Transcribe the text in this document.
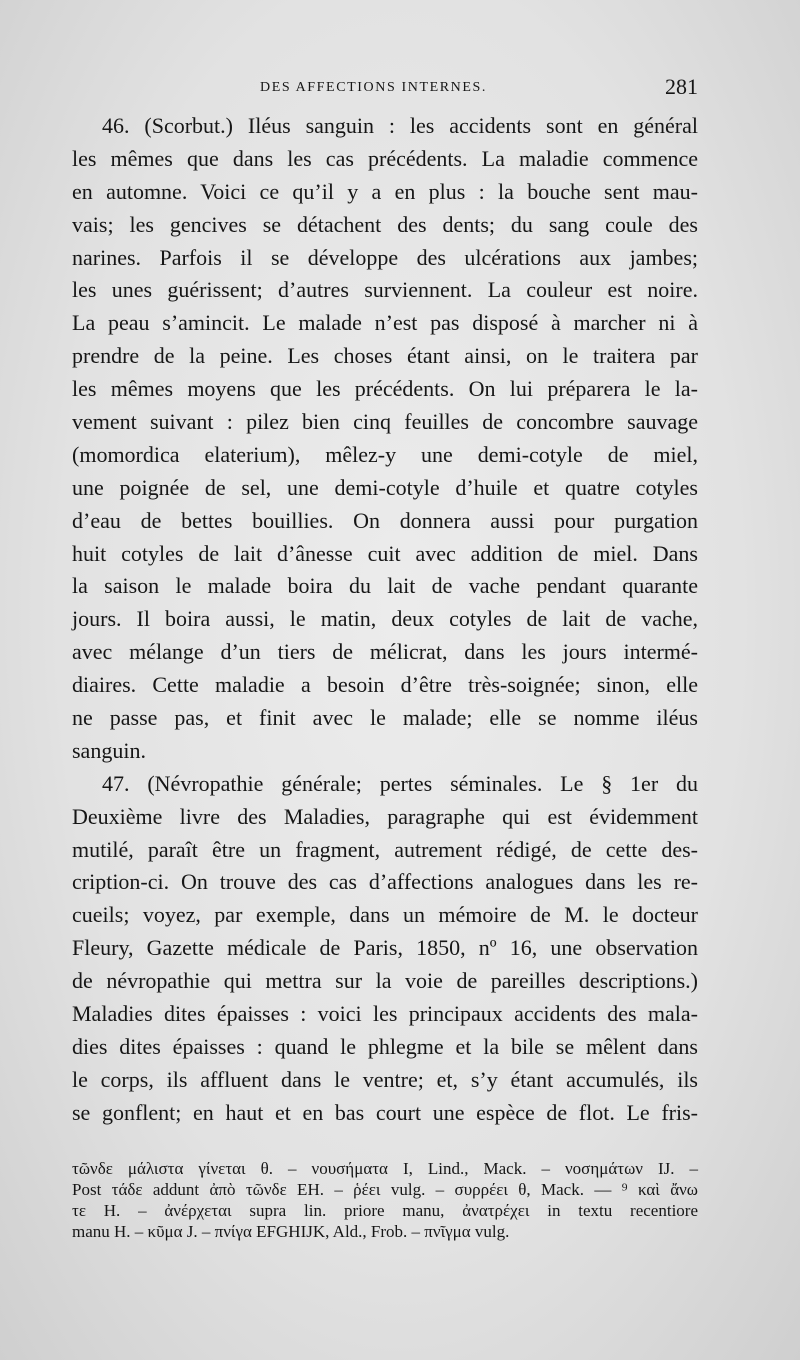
DES AFFECTIONS INTERNES.	281
46. (Scorbut.) Iléus sanguin : les accidents sont en général
les mêmes que dans les cas précédents. La maladie commence
en automne. Voici ce qu’il y a en plus : la bouche sent mau-
vais; les gencives se détachent des dents; du sang coule des
narines. Parfois il se développe des ulcérations aux jambes;
les unes guérissent; d’autres surviennent. La couleur est noire.
La peau s’amincit. Le malade n’est pas disposé à marcher ni à
prendre de la peine. Les choses étant ainsi, on le traitera par
les mêmes moyens que les précédents. On lui préparera le la-
vement suivant : pilez bien cinq feuilles de concombre sauvage
(momordica elaterium), mêlez-y une demi-cotyle de miel,
une poignée de sel, une demi-cotyle d’huile et quatre cotyles
d’eau de bettes bouillies. On donnera aussi pour purgation
huit cotyles de lait d’ânesse cuit avec addition de miel. Dans
la saison le malade boira du lait de vache pendant quarante
jours. Il boira aussi, le matin, deux cotyles de lait de vache,
avec mélange d’un tiers de mélicrat, dans les jours intermé-
diaires. Cette maladie a besoin d’être très-soignée; sinon, elle
ne passe pas, et finit avec le malade; elle se nomme iléus
sanguin.
47. (Névropathie générale; pertes séminales. Le § 1er du
Deuxième livre des Maladies, paragraphe qui est évidemment
mutilé, paraît être un fragment, autrement rédigé, de cette des-
cription-ci. On trouve des cas d’affections analogues dans les re-
cueils; voyez, par exemple, dans un mémoire de M. le docteur
Fleury, Gazette médicale de Paris, 1850, nº 16, une observation
de névropathie qui mettra sur la voie de pareilles descriptions.)
Maladies dites épaisses : voici les principaux accidents des mala-
dies dites épaisses : quand le phlegme et la bile se mêlent dans
le corps, ils affluent dans le ventre; et, s’y étant accumulés, ils
se gonflent; en haut et en bas court une espèce de flot. Le fris-
τῶνδε μάλιστα γίνεται θ. – νουσήματα I, Lind., Mack. – νοσημάτων IJ. –
Post τάδε addunt ἀπὸ τῶνδε EH. – ῥέει vulg. – συρρέει θ, Mack. — ⁹ καὶ ἄνω
τε H. – ἀνέρχεται supra lin. priore manu, ἀνατρέχει in textu recentiore
manu H. – κῦμα J. – πνίγα EFGHIJK, Ald., Frob. – πνῖγμα vulg.
